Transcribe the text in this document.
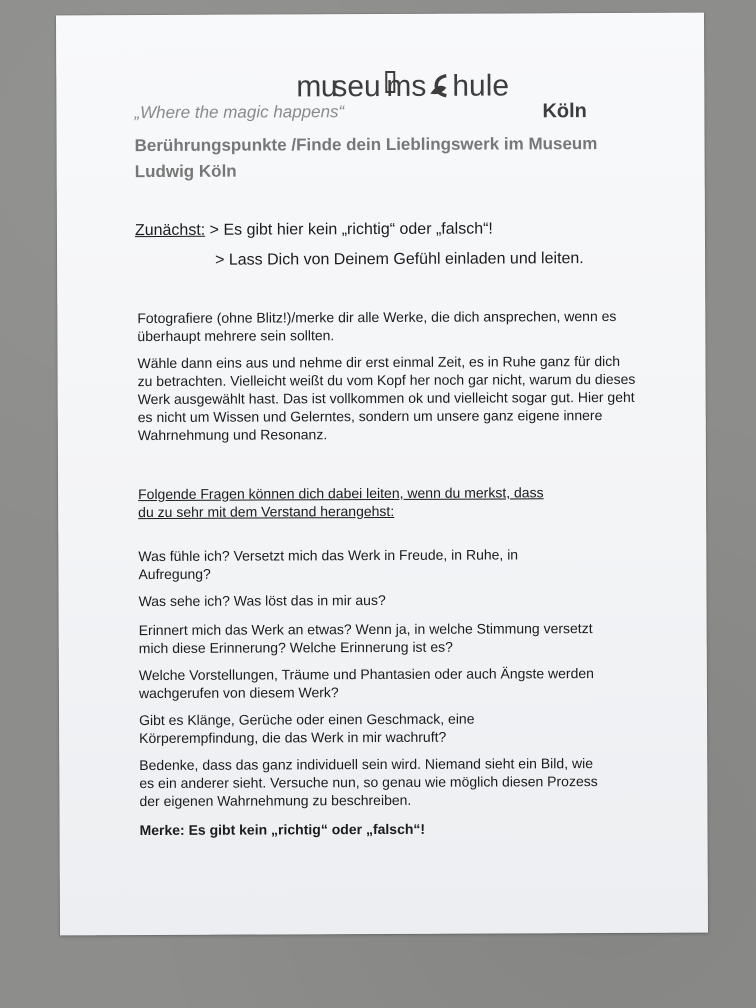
mu
seu ms hule
Köln
„Where the magic happens“
Berührungspunkte /Finde dein Lieblingswerk im Museum Ludwig Köln
Zunächst: > Es gibt hier kein „richtig“ oder „falsch“!
> Lass Dich von Deinem Gefühl einladen und leiten.
Fotografiere (ohne Blitz!)/merke dir alle Werke, die dich ansprechen, wenn es überhaupt mehrere sein sollten.
Wähle dann eins aus und nehme dir erst einmal Zeit, es in Ruhe ganz für dich zu betrachten. Vielleicht weißt du vom Kopf her noch gar nicht, warum du dieses Werk ausgewählt hast. Das ist vollkommen ok und vielleicht sogar gut. Hier geht es nicht um Wissen und Gelerntes, sondern um unsere ganz eigene innere Wahrnehmung und Resonanz.
Folgende Fragen können dich dabei leiten, wenn du merkst, dass du zu sehr mit dem Verstand herangehst:
Was fühle ich? Versetzt mich das Werk in Freude, in Ruhe, in Aufregung?
Was sehe ich? Was löst das in mir aus?
Erinnert mich das Werk an etwas? Wenn ja, in welche Stimmung versetzt mich diese Erinnerung? Welche Erinnerung ist es?
Welche Vorstellungen, Träume und Phantasien oder auch Ängste werden wachgerufen von diesem Werk?
Gibt es Klänge, Gerüche oder einen Geschmack, eine Körperempfindung, die das Werk in mir wachruft?
Bedenke, dass das ganz individuell sein wird. Niemand sieht ein Bild, wie es ein anderer sieht. Versuche nun, so genau wie möglich diesen Prozess der eigenen Wahrnehmung zu beschreiben.
Merke: Es gibt kein „richtig“ oder „falsch“!
